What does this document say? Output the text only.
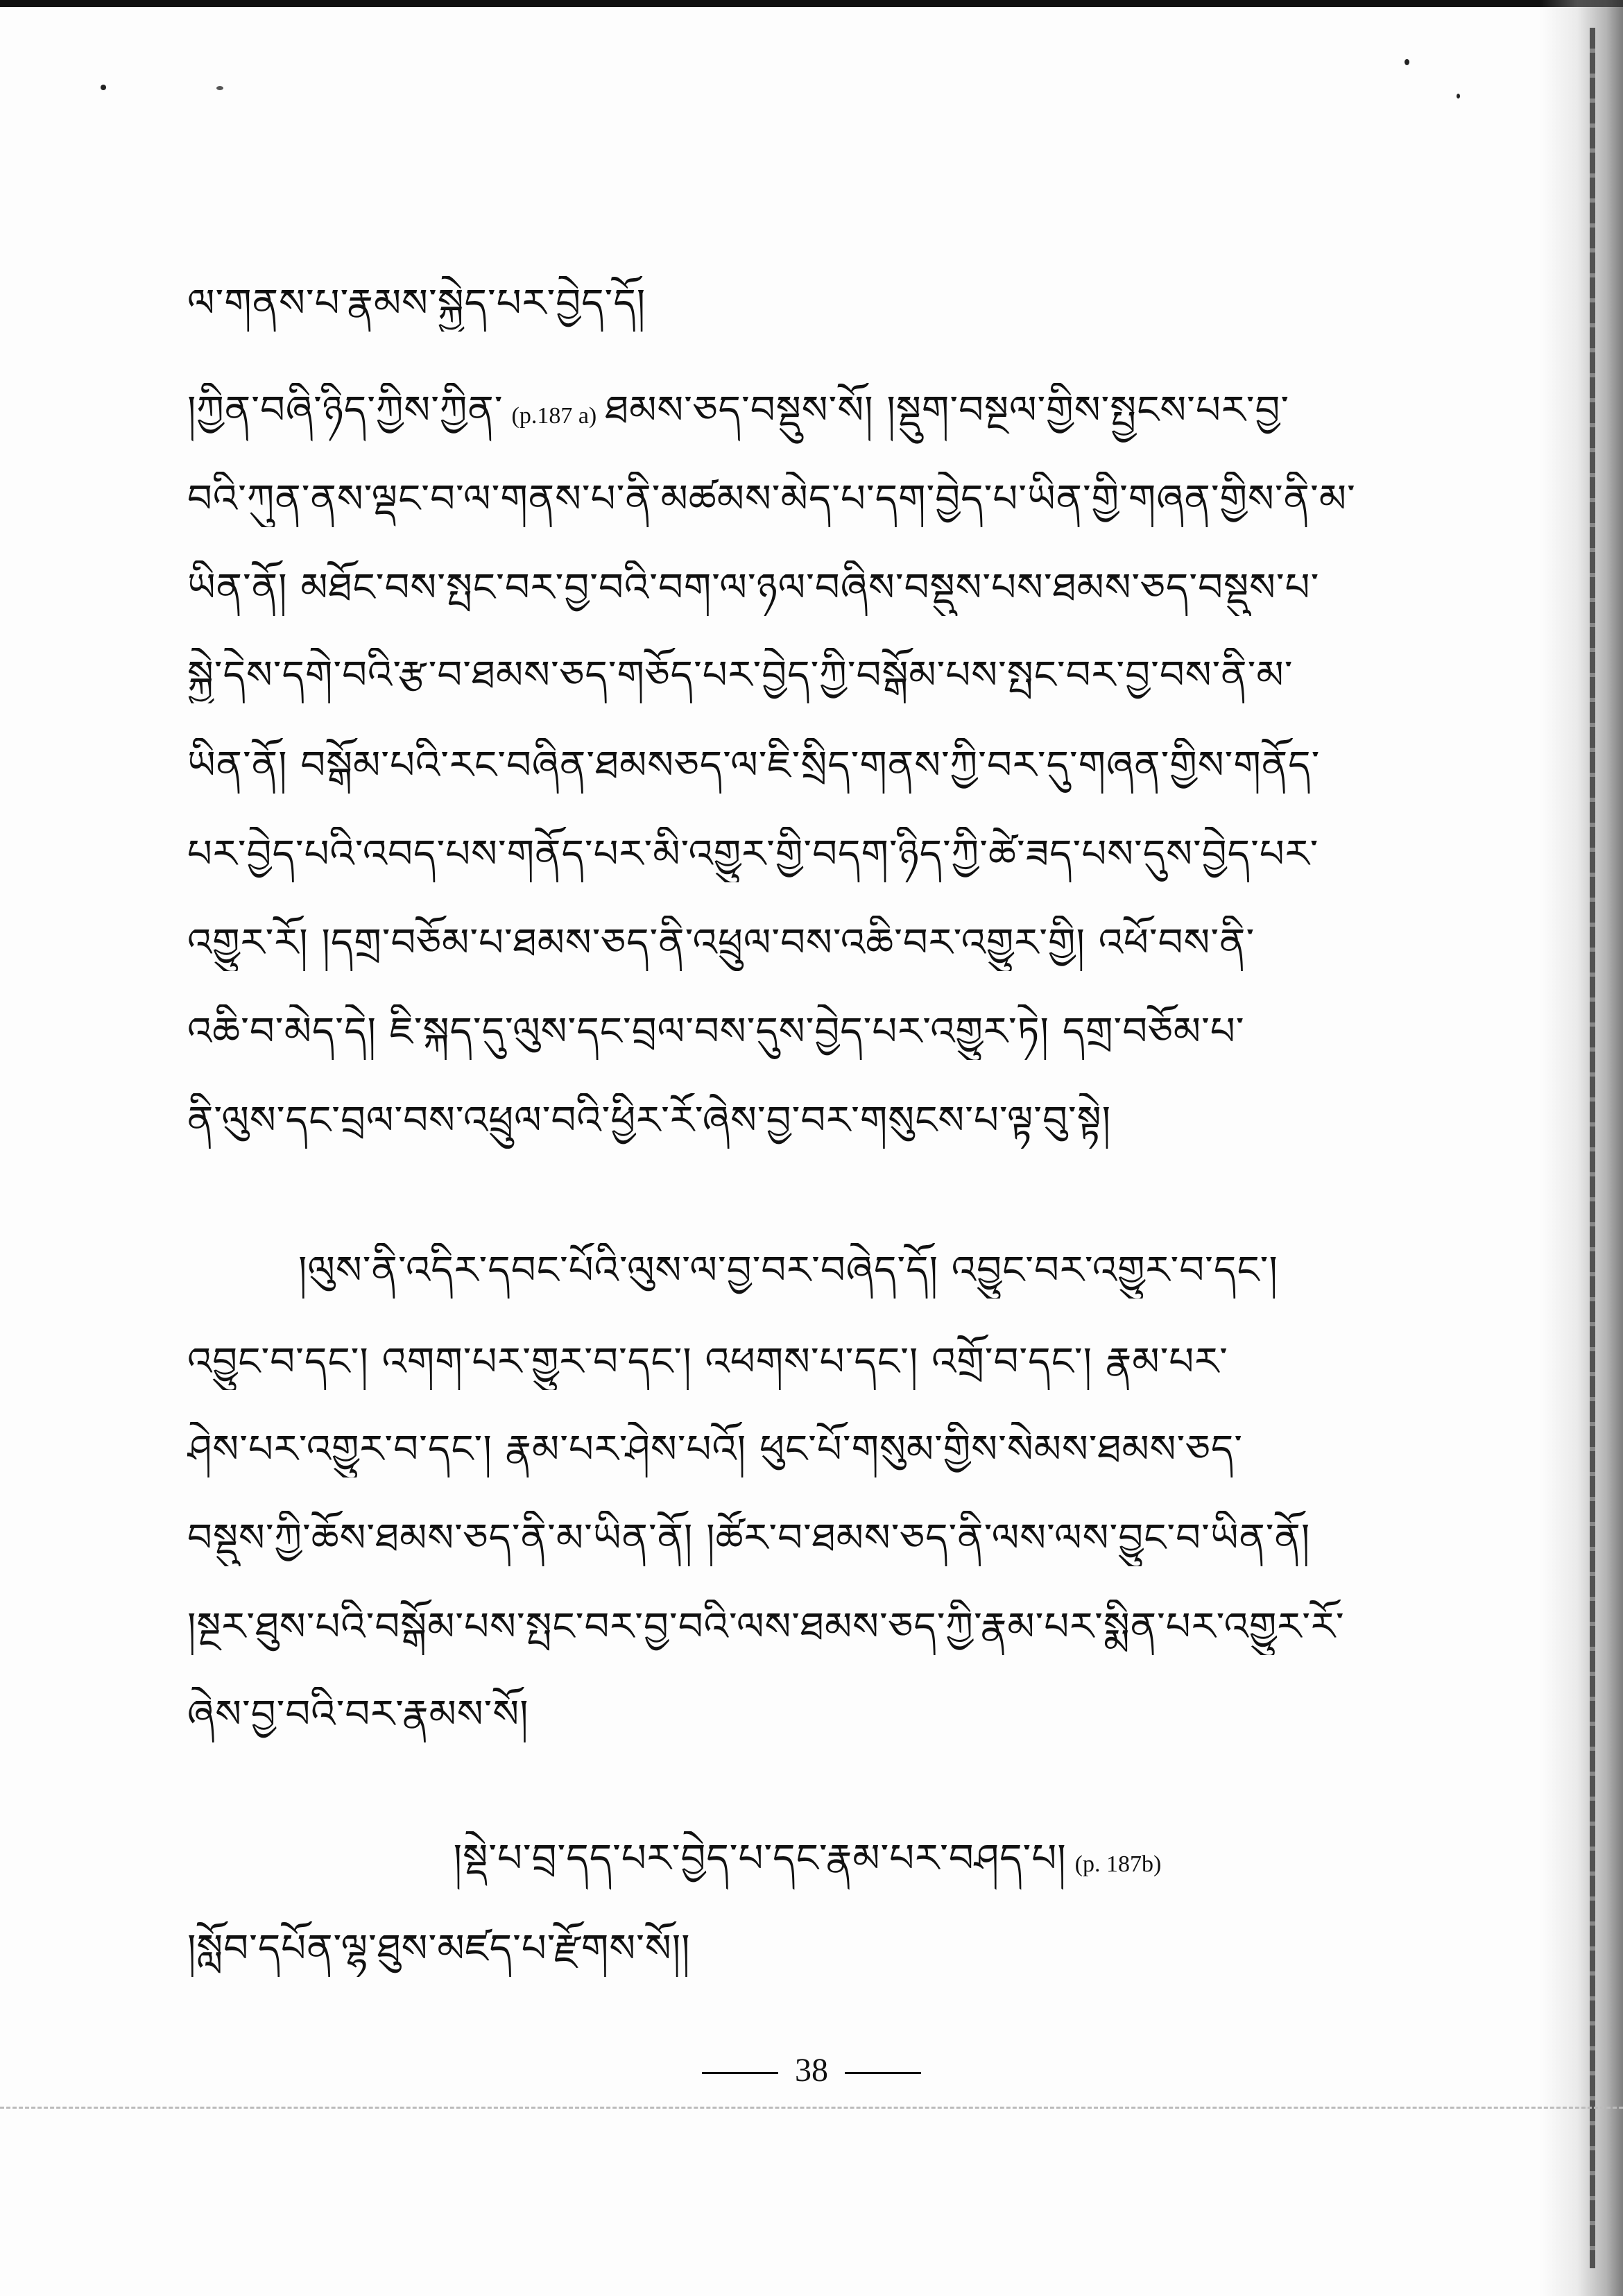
ལ་གནས་པ་རྣམས་སྐྱེད་པར་བྱེད་དོ།
།ཀྱིན་བཞི་ཉིད་ཀྱིས་ཀྱིན་ (p.187 a) ཐམས་ཅད་བསྡུས་སོ། །སྡུག་བསྔལ་གྱིས་སྤྱངས་པར་བྱ་
བའི་ཀུན་ནས་ལྡང་བ་ལ་གནས་པ་ནི་མཚམས་མེད་པ་དག་བྱེད་པ་ཡིན་གྱི་གཞན་གྱིས་ནི་མ་
ཡིན་ནོ། མཐོང་བས་སྤང་བར་བྱ་བའི་བག་ལ་ཉལ་བཞིས་བསྡུས་པས་ཐམས་ཅད་བསྡུས་པ་
སྐྱེ་དེས་དགེ་བའི་རྩ་བ་ཐམས་ཅད་གཅོད་པར་བྱེད་ཀྱི་བསྒོམ་པས་སྤང་བར་བྱ་བས་ནི་མ་
ཡིན་ནོ། བསྒོམ་པའི་རང་བཞིན་ཐམསཅད་ལ་ཇི་སྲིད་གནས་ཀྱི་བར་དུ་གཞན་གྱིས་གནོད་
པར་བྱེད་པའི་འབད་པས་གནོད་པར་མི་འགྱུར་གྱི་བདག་ཉིད་ཀྱི་ཚེ་ཟད་པས་དུས་བྱེད་པར་
འགྱུར་རོ། །དགྲ་བཅོམ་པ་ཐམས་ཅད་ནི་འཕྲུལ་བས་འཆི་བར་འགྱུར་གྱི། འཕོ་བས་ནི་
འཆི་བ་མེད་དེ། ཇི་སྐད་དུ་ལུས་དང་བྲལ་བས་དུས་བྱེད་པར་འགྱུར་ཏེ། དགྲ་བཅོམ་པ་
ནི་ལུས་དང་བྲལ་བས་འཕྲུལ་བའི་ཕྱིར་རོ་ཞེས་བྱ་བར་གསུངས་པ་ལྟ་བུ་སྟེ།
།ལུས་ནི་འདིར་དབང་པོའི་ལུས་ལ་བྱ་བར་བཞེད་དོ། འབྱུང་བར་འགྱུར་བ་དང་།
འབྱུང་བ་དང་། འགག་པར་གྱུར་བ་དང་། འཕགས་པ་དང་། འགྲོ་བ་དང་། རྣམ་པར་
ཤེས་པར་འགྱུར་བ་དང་། རྣམ་པར་ཤེས་པའོ། ཕུང་པོ་གསུམ་གྱིས་སེམས་ཐམས་ཅད་
བསྡུས་ཀྱི་ཆོས་ཐམས་ཅད་ནི་མ་ཡིན་ནོ། །ཚོར་བ་ཐམས་ཅད་ནི་ལས་ལས་བྱུང་བ་ཡིན་ནོ།
།སྔར་ཐུས་པའི་བསྒོམ་པས་སྤང་བར་བྱ་བའི་ལས་ཐམས་ཅད་ཀྱི་རྣམ་པར་སྨིན་པར་འགྱུར་རོ་
ཞེས་བྱ་བའི་བར་རྣམས་སོ།
།སྡེ་པ་བྲ་དད་པར་བྱེད་པ་དང་རྣམ་པར་བཤད་པ། (p. 187b)
།སློབ་དཔོན་ལྷ་ཐུས་མཛད་པ་རྫོགས་སོ།།
38
